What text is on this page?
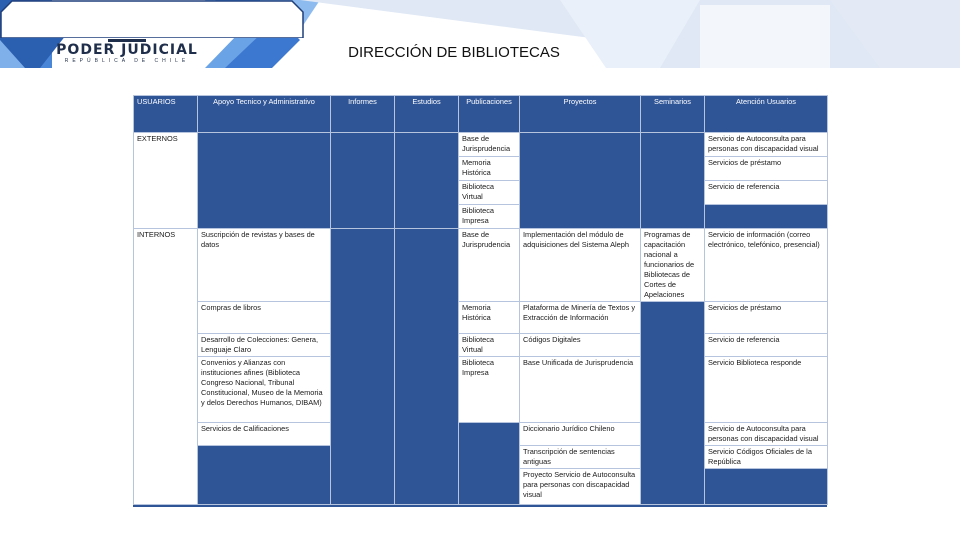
PODER JUDICIAL
REPÚBLICA DE CHILE	DIRECCIÓN DE BIBLIOTECAS
USUARIOS	Apoyo Tecnico y Administrativo	Informes	Estudios	Publicaciones	Proyectos	Seminarios	Atención Usuarios
EXTERNOS				Base de Jurisprudencia			Servicio de Autoconsulta para personas con discapacidad visual
				Memoria Histórica			Servicios de préstamo
				Biblioteca Virtual			Servicio de referencia
				Biblioteca Impresa			
INTERNOS	Suscripción de revistas y bases de datos			Base de Jurisprudencia	Implementación del módulo de adquisiciones del Sistema Aleph	Programas de capacitación nacional a funcionarios de Bibliotecas de Cortes de Apelaciones	Servicio de información (correo electrónico, telefónico, presencial)
	Compras de libros			Memoria Histórica	Plataforma de Minería de Textos y Extracción de Información		Servicios de préstamo
	Desarrollo de Colecciones: Genera, Lenguaje Claro			Biblioteca Virtual	Códigos Digitales		Servicio de referencia
	Convenios y Alianzas con instituciones afines (Biblioteca Congreso Nacional, Tribunal Constitucional, Museo de la Memoria y delos Derechos Humanos, DIBAM)			Biblioteca Impresa	Base Unificada de Jurisprudencia		Servicio Biblioteca responde
	Servicios de Calificaciones				Diccionario Jurídico Chileno		Servicio de Autoconsulta para personas con discapacidad visual
					Transcripción de sentencias antiguas		Servicio Códigos Oficiales de la República
					Proyecto Servicio de Autoconsulta para personas con discapacidad visual		
